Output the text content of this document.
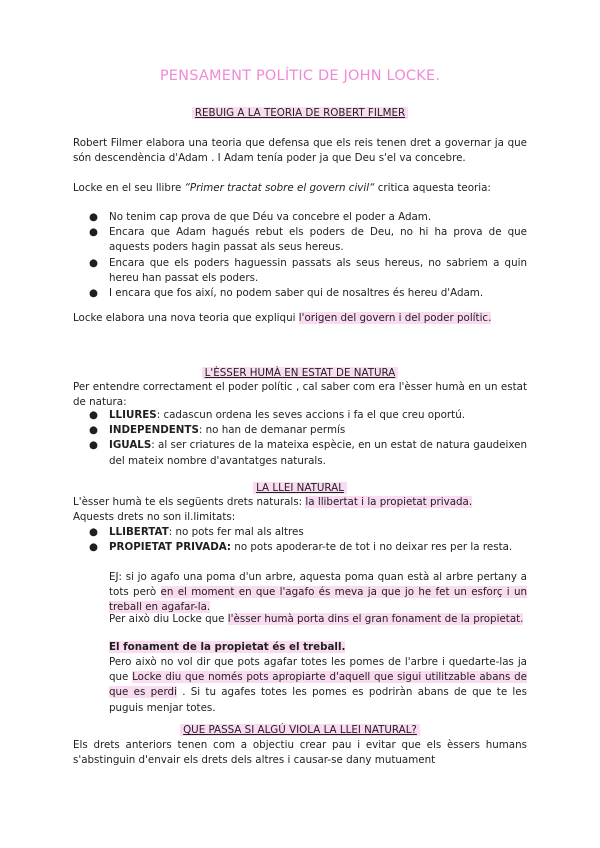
PENSAMENT POLÍTIC DE JOHN LOCKE.
REBUIG A LA TEORIA DE ROBERT FILMER
Robert Filmer elabora una teoria que defensa que els reis tenen dret a governar ja que són descendència d'Adam . I Adam tenía poder ja que Deu s'el va concebre.
Locke en el seu llibre “Primer tractat sobre el govern civil“ critica aquesta teoria:
● No tenim cap prova de que Déu va concebre el poder a Adam.
● Encara que Adam hagués rebut els poders de Deu, no hi ha prova de que aquests poders hagin passat als seus hereus.
● Encara que els poders haguessin passats als seus hereus, no sabriem a quin hereu han passat els poders.
● I encara que fos així, no podem saber qui de nosaltres és hereu d'Adam.
Locke elabora una nova teoria que expliqui l'origen del govern i del poder polític.
L'ÈSSER HUMÀ EN ESTAT DE NATURA
Per entendre correctament el poder polític , cal saber com era l'èsser humà en un estat de natura:
● LLIURES: cadascun ordena les seves accions i fa el que creu oportú.
● INDEPENDENTS: no han de demanar permís
● IGUALS: al ser criatures de la mateixa espècie, en un estat de natura gaudeixen del mateix nombre d'avantatges naturals.
LA LLEI NATURAL
L'èsser humà te els següents drets naturals: la llibertat i la propietat privada.
Aquests drets no son il.limitats:
● LLIBERTAT: no pots fer mal als altres
● PROPIETAT PRIVADA: no pots apoderar-te de tot i no deixar res per la resta.
EJ: si jo agafo una poma d'un arbre, aquesta poma quan està al arbre pertany a tots però en el moment en que l'agafo és meva ja que jo he fet un esforç i un treball en agafar-la.
Per això diu Locke que l'èsser humà porta dins el gran fonament de la propietat.
El fonament de la propietat és el treball.
Pero això no vol dir que pots agafar totes les pomes de l'arbre i quedarte-las ja que Locke diu que només pots apropiarte d'aquell que sigui utilitzable abans de que es perdi . Si tu agafes totes les pomes es podriràn abans de que te les puguis menjar totes.
QUE PASSA SI ALGÚ VIOLA LA LLEI NATURAL?
Els drets anteriors tenen com a objectiu crear pau i evitar que els èssers humans s'abstinguin d'envair els drets dels altres i causar-se dany mutuament
